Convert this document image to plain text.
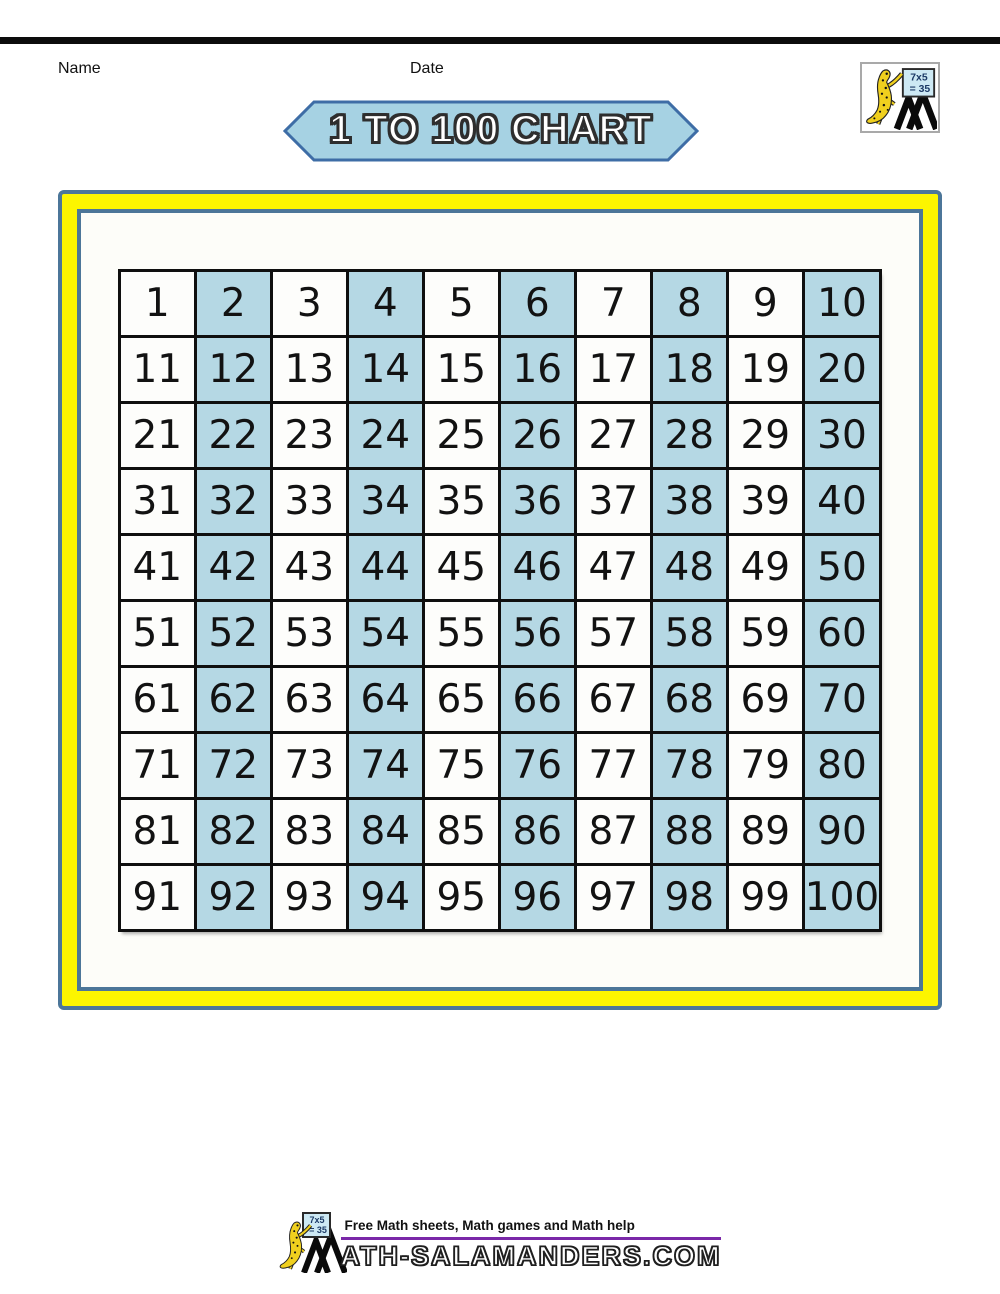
Name	Date
7x5
= 35
1 TO 100 CHART
1	2	3	4	5	6	7	8	9	10
11	12	13	14	15	16	17	18	19	20
21	22	23	24	25	26	27	28	29	30
31	32	33	34	35	36	37	38	39	40
41	42	43	44	45	46	47	48	49	50
51	52	53	54	55	56	57	58	59	60
61	62	63	64	65	66	67	68	69	70
71	72	73	74	75	76	77	78	79	80
81	82	83	84	85	86	87	88	89	90
91	92	93	94	95	96	97	98	99	100
7x5
= 35 Free Math sheets, Math games and Math help
ATH-SALAMANDERS.COM
